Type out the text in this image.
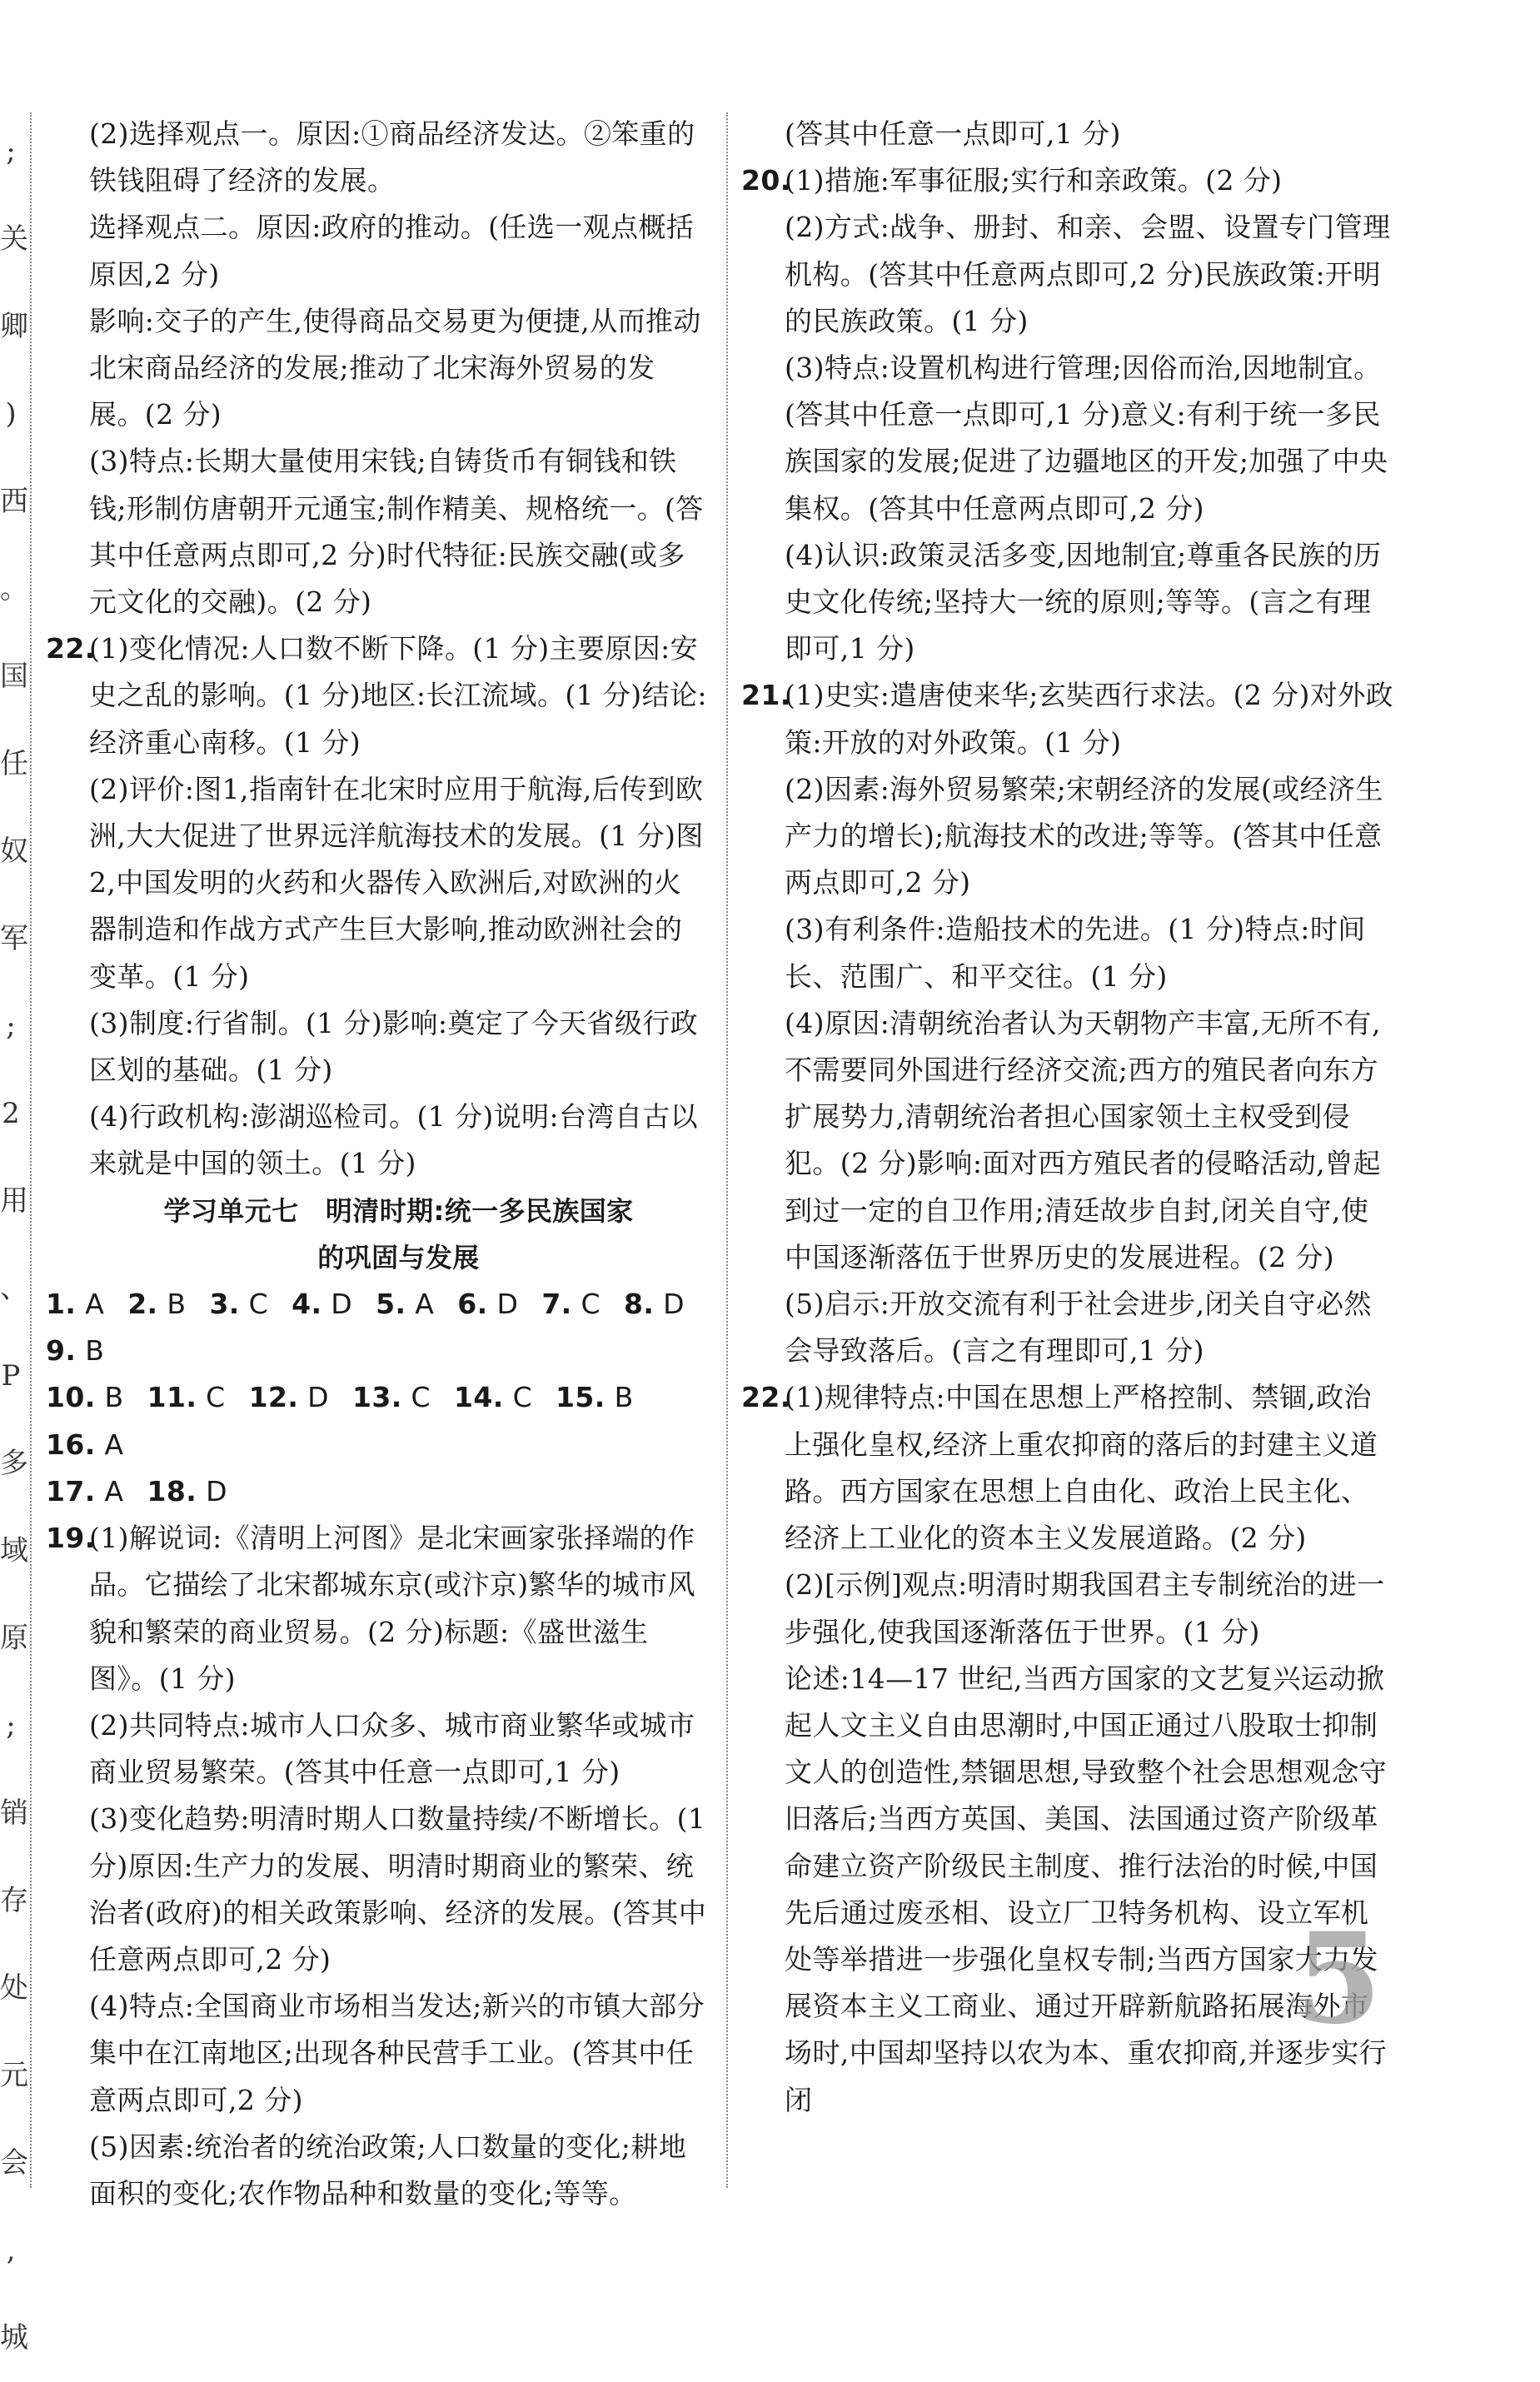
;
关
卿
)
西
。
国
任
奴
军
;
2
用
、
P
多
域
原
;
销
存
处
元
会
,
城

(2)选择观点一。原因:①商品经济发达。②笨重的铁钱阻碍了经济的发展。

选择观点二。原因:政府的推动。(任选一观点概括原因,2 分)

影响:交子的产生,使得商品交易更为便捷,从而推动北宋商品经济的发展;推动了北宋海外贸易的发展。(2 分)

(3)特点:长期大量使用宋钱;自铸货币有铜钱和铁钱;形制仿唐朝开元通宝;制作精美、规格统一。(答其中任意两点即可,2 分)时代特征:民族交融(或多元文化的交融)。(2 分)

22.(1)变化情况:人口数不断下降。(1 分)主要原因:安史之乱的影响。(1 分)地区:长江流域。(1 分)结论:经济重心南移。(1 分)

(2)评价:图1,指南针在北宋时应用于航海,后传到欧洲,大大促进了世界远洋航海技术的发展。(1 分)图2,中国发明的火药和火器传入欧洲后,对欧洲的火器制造和作战方式产生巨大影响,推动欧洲社会的变革。(1 分)

(3)制度:行省制。(1 分)影响:奠定了今天省级行政区划的基础。(1 分)

(4)行政机构:澎湖巡检司。(1 分)说明:台湾自古以来就是中国的领土。(1 分)

学习单元七　明清时期:统一多民族国家

的巩固与发展

1. A 2. B 3. C 4. D 5. A 6. D 7. C 8. D9. B

10. B 11. C 12. D 13. C 14. C 15. B16. A

17. A 18. D

19.(1)解说词:《清明上河图》是北宋画家张择端的作品。它描绘了北宋都城东京(或汴京)繁华的城市风貌和繁荣的商业贸易。(2 分)标题:《盛世滋生图》。(1 分)

(2)共同特点:城市人口众多、城市商业繁华或城市商业贸易繁荣。(答其中任意一点即可,1 分)

(3)变化趋势:明清时期人口数量持续/不断增长。(1 分)原因:生产力的发展、明清时期商业的繁荣、统治者(政府)的相关政策影响、经济的发展。(答其中任意两点即可,2 分)

(4)特点:全国商业市场相当发达;新兴的市镇大部分集中在江南地区;出现各种民营手工业。(答其中任意两点即可,2 分)

(5)因素:统治者的统治政策;人口数量的变化;耕地面积的变化;农作物品种和数量的变化;等等。

(答其中任意一点即可,1 分)

20.(1)措施:军事征服;实行和亲政策。(2 分)

(2)方式:战争、册封、和亲、会盟、设置专门管理机构。(答其中任意两点即可,2 分)民族政策:开明的民族政策。(1 分)

(3)特点:设置机构进行管理;因俗而治,因地制宜。(答其中任意一点即可,1 分)意义:有利于统一多民族国家的发展;促进了边疆地区的开发;加强了中央集权。(答其中任意两点即可,2 分)

(4)认识:政策灵活多变,因地制宜;尊重各民族的历史文化传统;坚持大一统的原则;等等。(言之有理即可,1 分)

21.(1)史实:遣唐使来华;玄奘西行求法。(2 分)对外政策:开放的对外政策。(1 分)

(2)因素:海外贸易繁荣;宋朝经济的发展(或经济生产力的增长);航海技术的改进;等等。(答其中任意两点即可,2 分)

(3)有利条件:造船技术的先进。(1 分)特点:时间长、范围广、和平交往。(1 分)

(4)原因:清朝统治者认为天朝物产丰富,无所不有,不需要同外国进行经济交流;西方的殖民者向东方扩展势力,清朝统治者担心国家领土主权受到侵犯。(2 分)影响:面对西方殖民者的侵略活动,曾起到过一定的自卫作用;清廷故步自封,闭关自守,使中国逐渐落伍于世界历史的发展进程。(2 分)

(5)启示:开放交流有利于社会进步,闭关自守必然会导致落后。(言之有理即可,1 分)

22.(1)规律特点:中国在思想上严格控制、禁锢,政治上强化皇权,经济上重农抑商的落后的封建主义道路。西方国家在思想上自由化、政治上民主化、经济上工业化的资本主义发展道路。(2 分)

(2)[示例]观点:明清时期我国君主专制统治的进一步强化,使我国逐渐落伍于世界。(1 分)

论述:14—17 世纪,当西方国家的文艺复兴运动掀起人文主义自由思潮时,中国正通过八股取士抑制文人的创造性,禁锢思想,导致整个社会思想观念守旧落后;当西方英国、美国、法国通过资产阶级革命建立资产阶级民主制度、推行法治的时候,中国先后通过废丞相、设立厂卫特务机构、设立军机处等举措进一步强化皇权专制;当西方国家大力发展资本主义工商业、通过开辟新航路拓展海外市场时,中国却坚持以农为本、重农抑商,并逐步实行闭

5
